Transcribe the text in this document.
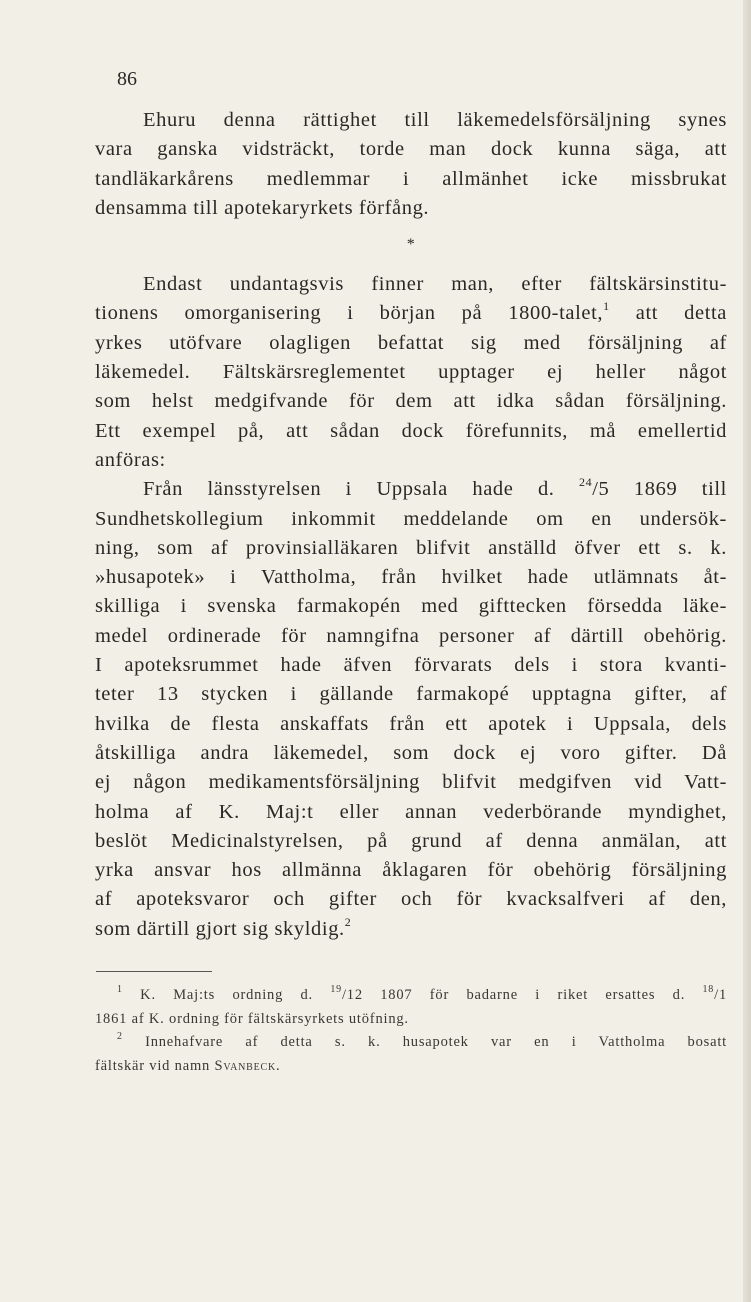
86
Ehuru denna rättighet till läkemedelsförsäljning synes
vara ganska vidsträckt, torde man dock kunna säga, att
tandläkarkårens medlemmar i allmänhet icke missbrukat
densamma till apotekaryrkets förfång.
*
Endast undantagsvis finner man, efter fältskärsinstitu-
tionens omorganisering i början på 1800-talet,$^1$ att detta
yrkes utöfvare olagligen befattat sig med försäljning af
läkemedel. Fältskärsreglementet upptager ej heller något
som helst medgifvande för dem att idka sådan försäljning.
Ett exempel på, att sådan dock förefunnits, må emellertid
anföras:
Från länsstyrelsen i Uppsala hade d. $^{24}$/5 1869 till
Sundhetskollegium inkommit meddelande om en undersök-
ning, som af provinsialläkaren blifvit anställd öfver ett s. k.
»husapotek» i Vattholma, från hvilket hade utlämnats åt-
skilliga i svenska farmakopén med gifttecken försedda läke-
medel ordinerade för namngifna personer af därtill obehörig.
I apoteksrummet hade äfven förvarats dels i stora kvanti-
teter 13 stycken i gällande farmakopé upptagna gifter, af
hvilka de flesta anskaffats från ett apotek i Uppsala, dels
åtskilliga andra läkemedel, som dock ej voro gifter. Då
ej någon medikamentsförsäljning blifvit medgifven vid Vatt-
holma af K. Maj:t eller annan vederbörande myndighet,
beslöt Medicinalstyrelsen, på grund af denna anmälan, att
yrka ansvar hos allmänna åklagaren för obehörig försäljning
af apoteksvaror och gifter och för kvacksalfveri af den,
som därtill gjort sig skyldig.$^2$
$^1$ K. Maj:ts ordning d. $^{19}$/12 1807 för badarne i riket ersattes d. $^{18}$/1
1861 af K. ordning för fältskärsyrkets utöfning.
$^2$ Innehafvare af detta s. k. husapotek var en i Vattholma bosatt
fältskär vid namn Svanbeck.
